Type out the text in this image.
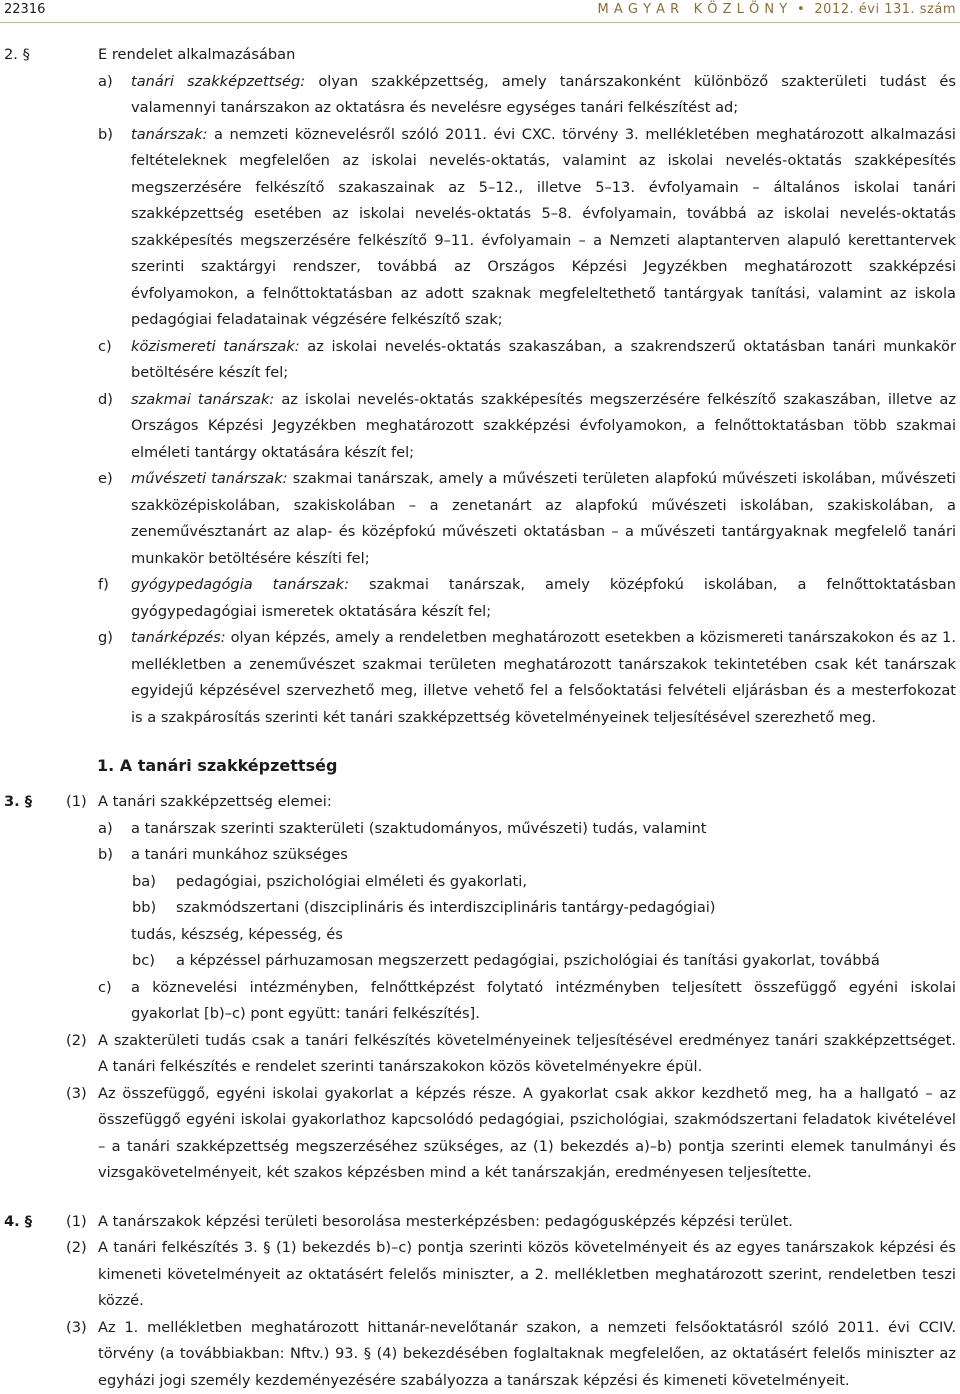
22316	M A G Y A R   K Ö Z L Ö N Y  •  2012. évi 131. szám
2. §	E rendelet alkalmazásában
a) tanári szakképzettség: olyan szakképzettség, amely tanárszakonként különböző szakterületi tudást és valamennyi tanárszakon az oktatásra és nevelésre egységes tanári felkészítést ad;
b) tanárszak: a nemzeti köznevelésről szóló 2011. évi CXC. törvény 3. mellékletében meghatározott alkalmazási feltételeknek megfelelően az iskolai nevelés-oktatás, valamint az iskolai nevelés-oktatás szakképesítés megszerzésére felkészítő szakaszainak az 5–12., illetve 5–13. évfolyamain – általános iskolai tanári szakképzettség esetében az iskolai nevelés-oktatás 5–8. évfolyamain, továbbá az iskolai nevelés-oktatás szakképesítés megszerzésére felkészítő 9–11. évfolyamain – a Nemzeti alaptanterven alapuló kerettantervek szerinti szaktárgyi rendszer, továbbá az Országos Képzési Jegyzékben meghatározott szakképzési évfolyamokon, a felnőttoktatásban az adott szaknak megfeleltethető tantárgyak tanítási, valamint az iskola pedagógiai feladatainak végzésére felkészítő szak;
c) közismereti tanárszak: az iskolai nevelés-oktatás szakaszában, a szakrendszerű oktatásban tanári munkakör betöltésére készít fel;
d) szakmai tanárszak: az iskolai nevelés-oktatás szakképesítés megszerzésére felkészítő szakaszában, illetve az Országos Képzési Jegyzékben meghatározott szakképzési évfolyamokon, a felnőttoktatásban több szakmai elméleti tantárgy oktatására készít fel;
e) művészeti tanárszak: szakmai tanárszak, amely a művészeti területen alapfokú művészeti iskolában, művészeti szakközépiskolában, szakiskolában – a zenetanárt az alapfokú művészeti iskolában, szakiskolában, a zeneművésztanárt az alap- és középfokú művészeti oktatásban – a művészeti tantárgyaknak megfelelő tanári munkakör betöltésére készíti fel;
f) gyógypedagógia tanárszak: szakmai tanárszak, amely középfokú iskolában, a felnőttoktatásban gyógypedagógiai ismeretek oktatására készít fel;
g) tanárképzés: olyan képzés, amely a rendeletben meghatározott esetekben a közismereti tanárszakokon és az 1. mellékletben a zeneművészet szakmai területen meghatározott tanárszakok tekintetében csak két tanárszak egyidejű képzésével szervezhető meg, illetve vehető fel a felsőoktatási felvételi eljárásban és a mesterfokozat is a szakpárosítás szerinti két tanári szakképzettség követelményeinek teljesítésével szerezhető meg.
1. A tanári szakképzettség
3. § (1) A tanári szakképzettség elemei:
a) a tanárszak szerinti szakterületi (szaktudományos, művészeti) tudás, valamint
b) a tanári munkához szükséges
ba) pedagógiai, pszichológiai elméleti és gyakorlati,
bb) szakmódszertani (diszciplináris és interdiszciplináris tantárgy-pedagógiai)
tudás, készség, képesség, és
bc) a képzéssel párhuzamosan megszerzett pedagógiai, pszichológiai és tanítási gyakorlat, továbbá
c) a köznevelési intézményben, felnőttképzést folytató intézményben teljesített összefüggő egyéni iskolai gyakorlat [b)–c) pont együtt: tanári felkészítés].
(2) A szakterületi tudás csak a tanári felkészítés követelményeinek teljesítésével eredményez tanári szakképzettséget. A tanári felkészítés e rendelet szerinti tanárszakokon közös követelményekre épül.
(3) Az összefüggő, egyéni iskolai gyakorlat a képzés része. A gyakorlat csak akkor kezdhető meg, ha a hallgató – az összefüggő egyéni iskolai gyakorlathoz kapcsolódó pedagógiai, pszichológiai, szakmódszertani feladatok kivételével – a tanári szakképzettség megszerzéséhez szükséges, az (1) bekezdés a)–b) pontja szerinti elemek tanulmányi és vizsgakövetelményeit, két szakos képzésben mind a két tanárszakján, eredményesen teljesítette.
4. § (1) A tanárszakok képzési területi besorolása mesterképzésben: pedagógusképzés képzési terület.
(2) A tanári felkészítés 3. § (1) bekezdés b)–c) pontja szerinti közös követelményeit és az egyes tanárszakok képzési és kimeneti követelményeit az oktatásért felelős miniszter, a 2. mellékletben meghatározott szerint, rendeletben teszi közzé.
(3) Az 1. mellékletben meghatározott hittanár-nevelőtanár szakon, a nemzeti felsőoktatásról szóló 2011. évi CCIV. törvény (a továbbiakban: Nftv.) 93. § (4) bekezdésében foglaltaknak megfelelően, az oktatásért felelős miniszter az egyházi jogi személy kezdeményezésére szabályozza a tanárszak képzési és kimeneti követelményeit.
